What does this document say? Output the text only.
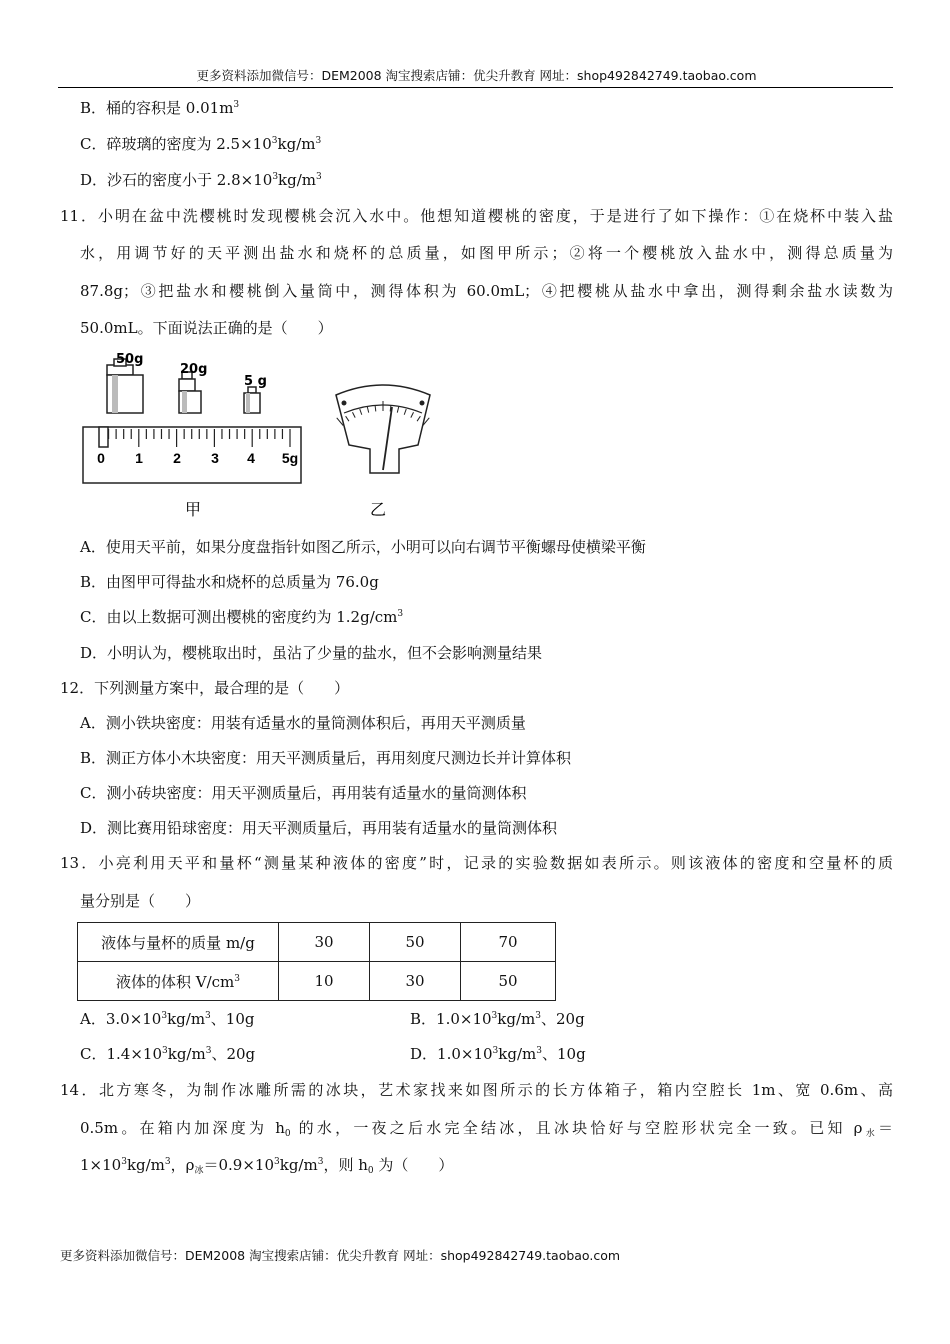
更多资料添加微信号：DEM2008 淘宝搜索店铺：优尖升教育 网址：shop492842749.taobao.com
B．桶的容积是 $0.01m^3$
C．碎玻璃的密度为 $2.5\times 10^3kg/m^3$
D．沙石的密度小于 $2.8\times 10^3kg/m^3$
11．小明在盆中洗樱桃时发现樱桃会沉入水中。他想知道樱桃的密度，于是进行了如下操作：①在烧杯中装入盐
水，用调节好的天平测出盐水和烧杯的总质量，如图甲所示；②将一个樱桃放入盐水中，测得总质量为
87.8g；③把盐水和樱桃倒入量筒中，测得体积为 60.0mL；④把樱桃从盐水中拿出，测得剩余盐水读数为
50.0mL。下面说法正确的是（　　）
50g
20g
5 g
0 1 2 3 4 5g
甲	乙
A．使用天平前，如果分度盘指针如图乙所示，小明可以向右调节平衡螺母使横梁平衡
B．由图甲可得盐水和烧杯的总质量为 76.0g
C．由以上数据可测出樱桃的密度约为 $1.2g/cm^3$
D．小明认为，樱桃取出时，虽沾了少量的盐水，但不会影响测量结果
12．下列测量方案中，最合理的是（　　）
A．测小铁块密度：用装有适量水的量筒测体积后，再用天平测质量
B．测正方体小木块密度：用天平测质量后，再用刻度尺测边长并计算体积
C．测小砖块密度：用天平测质量后，再用装有适量水的量筒测体积
D．测比赛用铅球密度：用天平测质量后，再用装有适量水的量筒测体积
13．小亮利用天平和量杯“测量某种液体的密度”时，记录的实验数据如表所示。则该液体的密度和空量杯的质
量分别是（　　）
液体与量杯的质量 m/g	30	50	70
液体的体积 $V/cm^3$	10	30	50
A．$3.0\times 10^3kg/m^3$、10g	B．$1.0\times 10^3kg/m^3$、20g
C．$1.4\times 10^3kg/m^3$、20g	D．$1.0\times 10^3kg/m^3$、10g
14．北方寒冬，为制作冰雕所需的冰块，艺术家找来如图所示的长方体箱子，箱内空腔长 1m、宽 0.6m、高
0.5m。在箱内加深度为 $h_0$ 的水，一夜之后水完全结冰，且冰块恰好与空腔形状完全一致。已知 $\rho_水=$
$1\times 10^3kg/m^3$，$\rho_冰=0.9\times 10^3kg/m^3$，则 $h_0$ 为（　　）
更多资料添加微信号：DEM2008 淘宝搜索店铺：优尖升教育 网址：shop492842749.taobao.com
